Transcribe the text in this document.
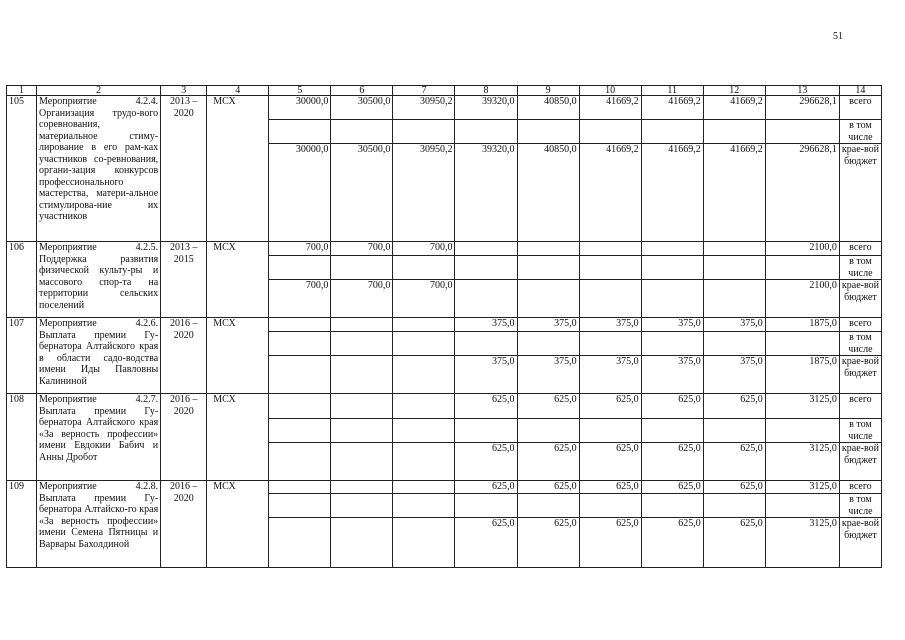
51
1	2	3	4	5	6	7	8	9	10	11	12	13	14
105	Мероприятие 4.2.4. Организация трудо-вого соревнования, материальное стиму-лирование в его рам-ках участников со-ревнования, органи-зация конкурсов профессионального мастерства, матери-альное стимулирова-ние их участников	2013 – 2020	МСХ	30000,0	30500,0	30950,2	39320,0	40850,0	41669,2	41669,2	41669,2	296628,1	всего
													в том числе
				30000,0	30500,0	30950,2	39320,0	40850,0	41669,2	41669,2	41669,2	296628,1	крае-вой бюджет
106	Мероприятие 4.2.5. Поддержка развития физической культу-ры и массового спор-та на территории сельских поселений	2013 – 2015	МСХ	700,0	700,0	700,0						2100,0	всего
													в том числе
				700,0	700,0	700,0						2100,0	крае-вой бюджет
107	Мероприятие 4.2.6. Выплата премии Гу-бернатора Алтайского края в области садо-водства имени Иды Павловны Калининой	2016 – 2020	МСХ				375,0	375,0	375,0	375,0	375,0	1875,0	всего
													в том числе
							375,0	375,0	375,0	375,0	375,0	1875,0	крае-вой бюджет
108	Мероприятие 4.2.7. Выплата премии Гу-бернатора Алтайского края «За верность профессии» имени Евдокии Бабич и Анны Дробот	2016 – 2020	МСХ				625,0	625,0	625,0	625,0	625,0	3125,0	всего
													в том числе
							625,0	625,0	625,0	625,0	625,0	3125,0	крае-вой бюджет
109	Мероприятие 4.2.8. Выплата премии Гу-бернатора Алтайско-го края «За верность профессии» имени Семена Пятницы и Варвары Бахолдиной	2016 – 2020	МСХ				625,0	625,0	625,0	625,0	625,0	3125,0	всего
													в том числе
							625,0	625,0	625,0	625,0	625,0	3125,0	крае-вой бюджет
